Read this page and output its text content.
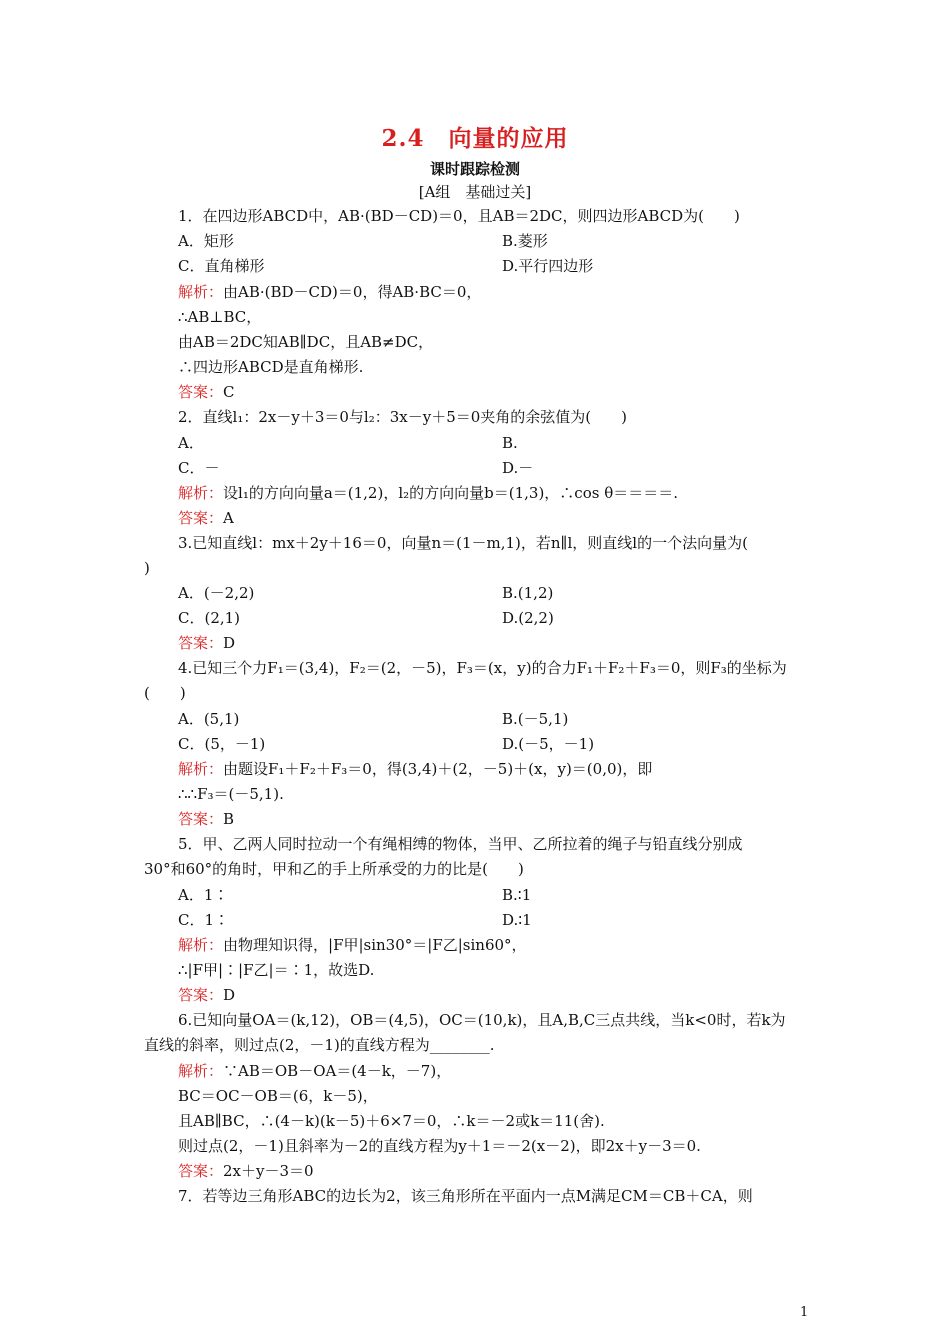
2.4　向量的应用
课时跟踪检测
[A组　基础过关]
1．在四边形ABCD中，AB·(BD－CD)＝0，且AB＝2DC，则四边形ABCD为(　　)
A．矩形	B.菱形
C．直角梯形	D.平行四边形
解析：由AB·(BD－CD)＝0，得AB·BC＝0，
∴AB⊥BC，
由AB＝2DC知AB∥DC，且AB≠DC，
∴四边形ABCD是直角梯形.
答案：C
2．直线l₁：2x－y＋3＝0与l₂：3x－y＋5＝0夹角的余弦值为(　　)
A．	B.
C．－	D.－
解析：设l₁的方向向量a＝(1,2)，l₂的方向向量b＝(1,3)，∴cos θ＝＝＝＝.
答案：A
3.已知直线l：mx＋2y＋16＝0，向量n＝(1－m,1)，若n∥l，则直线l的一个法向量为(
)
A．(－2,2)	B.(1,2)
C．(2,1)	D.(2,2)
答案：D
4.已知三个力F₁＝(3,4)，F₂＝(2，－5)，F₃＝(x，y)的合力F₁＋F₂＋F₃＝0，则F₃的坐标为
(　　)
A．(5,1)	B.(－5,1)
C．(5，－1)	D.(－5，－1)
解析：由题设F₁＋F₂＋F₃＝0，得(3,4)＋(2，－5)＋(x，y)＝(0,0)，即
∴∴F₃＝(－5,1).
答案：B
5．甲、乙两人同时拉动一个有绳相缚的物体，当甲、乙所拉着的绳子与铅直线分别成
30°和60°的角时，甲和乙的手上所承受的力的比是(　　)
A．1∶	B.∶1
C．1∶	D.∶1
解析：由物理知识得，|F甲|sin30°＝|F乙|sin60°，
∴|F甲|∶|F乙|＝∶1，故选D.
答案：D
6.已知向量OA＝(k,12)，OB＝(4,5)，OC＝(10,k)，且A,B,C三点共线，当k<0时，若k为
直线的斜率，则过点(2，－1)的直线方程为________.
解析：∵AB＝OB－OA＝(4－k，－7)，
BC＝OC－OB＝(6，k－5)，
且AB∥BC，∴(4－k)(k－5)＋6×7＝0，∴k＝－2或k＝11(舍).
则过点(2，－1)且斜率为－2的直线方程为y＋1＝－2(x－2)，即2x＋y－3＝0.
答案：2x＋y－3＝0
7．若等边三角形ABC的边长为2，该三角形所在平面内一点M满足CM＝CB＋CA，则
1
